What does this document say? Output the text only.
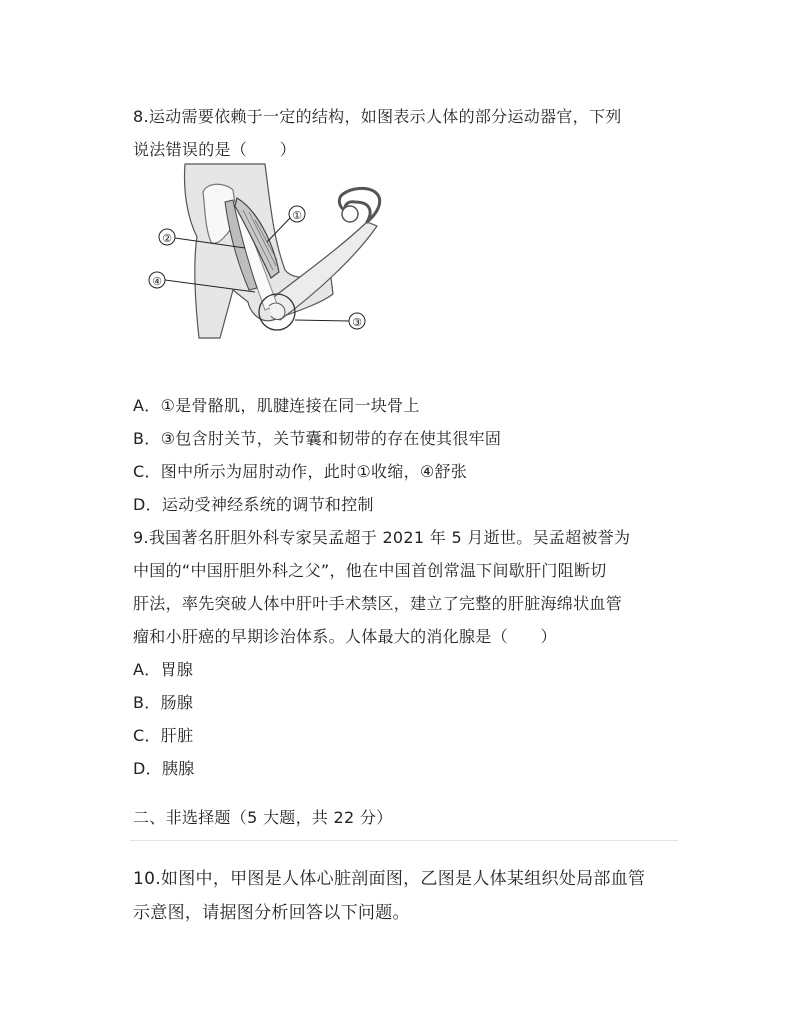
8.运动需要依赖于一定的结构，如图表示人体的部分运动器官，下列
说法错误的是（　　）
①
②
③
④
A．①是骨骼肌，肌腱连接在同一块骨上
B．③包含肘关节，关节囊和韧带的存在使其很牢固
C．图中所示为屈肘动作，此时①收缩，④舒张
D．运动受神经系统的调节和控制
9.我国著名肝胆外科专家吴孟超于 2021 年 5 月逝世。吴孟超被誉为
中国的“中国肝胆外科之父”，他在中国首创常温下间歇肝门阻断切
肝法，率先突破人体中肝叶手术禁区，建立了完整的肝脏海绵状血管
瘤和小肝癌的早期诊治体系。人体最大的消化腺是（　　）
A．胃腺
B．肠腺
C．肝脏
D．胰腺
二、非选择题（5 大题，共 22 分）
10.如图中，甲图是人体心脏剖面图，乙图是人体某组织处局部血管
示意图，请据图分析回答以下问题。
